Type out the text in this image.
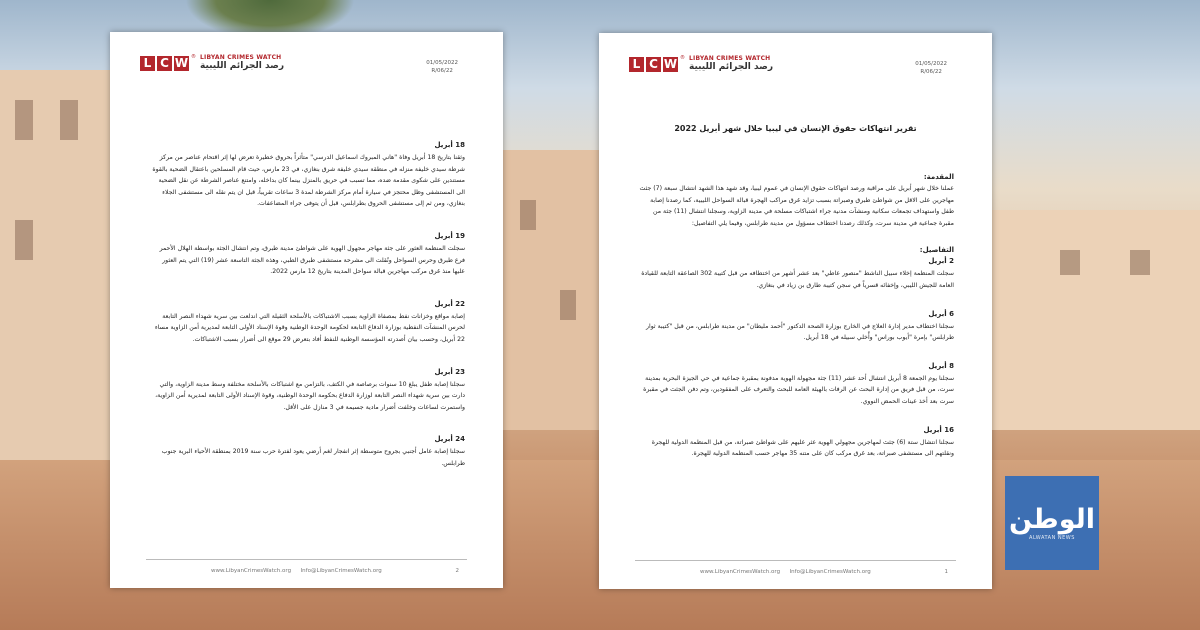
L C W ® LIBYAN CRIMES WATCH
رصد الجرائم الليبية	01/05/2022
R/06/22

18 أبريل

وثقنا بتاريخ 18 أبريل وفاة "هاني المبروك اسماعيل الدرسي" متأثراً بحروق خطيرة تعرض لها إثر اقتحام عناصر من مركز شرطة سيدي خليفة منزله في منطقة سيدي خليفة شرق بنغازي، في 23 مارس، حيث قام المسلحين باعتقال الضحية بالقوة مستندين على شكوى مقدمة ضده، مما تسبب في حريق بالمنزل بينما كان بداخله، وامتنع عناصر الشرطة عن نقل الضحية الى المستشفى وظل محتجز في سيارة أمام مركز الشرطة لمدة 3 ساعات تقريباً، قبل ان يتم نقله الى مستشفى الجلاء بنغازي، ومن ثم إلى مستشفى الحروق بطرابلس، قبل أن يتوفى جراء المضاعفات.

19 أبريل

سجلت المنظمة العثور على جثة مهاجر مجهول الهوية على شواطئ مدينة طبرق، وتم انتشال الجثة بواسطة الهلال الأحمر فرع طبرق وحرس السواحل ونُقلت الى مشرحة مستشفى طبرق الطبي، وهذه الجثة التاسعة عشر (19) التي يتم العثور عليها منذ غرق مركب مهاجرين قبالة سواحل المدينة بتاريخ 12 مارس 2022.

22 أبريل

إصابة مواقع وخزانات نفط بمصفاة الزاوية بسبب الاشتباكات بالأسلحة الثقيلة التي اندلعت بين سرية شهداء النصر التابعة لحرس المنشآت النفطية بوزارة الدفاع التابعة لحكومة الوحدة الوطنية وقوة الإسناد الأولى التابعة لمديرية أمن الزاوية مساء 22 أبريل، وحسب بيان أصدرته المؤسسة الوطنية للنفط أفاد بتعرض 29 موقع الى أضرار بسبب الاشتباكات.

23 أبريل

سجلنا إصابة طفل يبلغ 10 سنوات برصاصة في الكتف، بالتزامن مع اشتباكات بالأسلحة مختلفة وسط مدينة الزاوية، والتي دارت بين سرية شهداء النصر التابعة لوزارة الدفاع بحكومة الوحدة الوطنية، وقوة الإسناد الأولى التابعة لمديرية أمن الزاوية، واستمرت لساعات وخلفت أضرار مادية جسيمة في 3 منازل على الأقل.

24 أبريل

سجلنا إصابة عامل أجنبي بجروح متوسطة إثر انفجار لغم أرضي يعود لفترة حرب سنة 2019 بمنطقة الأحياء البرية جنوب طرابلس.

www.LibyanCrimesWatch.org Info@LibyanCrimesWatch.org	2
L C W ® LIBYAN CRIMES WATCH
رصد الجرائم الليبية	01/05/2022
R/06/22

تقرير انتهاكات حقوق الإنسان في ليبيا خلال شهر أبريل 2022

المقدمة:

عملنا خلال شهر أبريل على مراقبة ورصد انتهاكات حقوق الإنسان في عموم ليبيا، وقد شهد هذا الشهد انتشال سبعة (7) جثث مهاجرين على الاقل من شواطئ طبرق وصبراتة بسبب تزايد غرق مراكب الهجرة قبالة السواحل الليبية، كما رصدنا إصابة طفل واستهداف تجمعات سكانية ومنشآت مدنية جراء اشتباكات مسلحة في مدينة الزاوية، وسجلنا انتشال (11) جثة من مقبرة جماعية في مدينة سرت، وكذلك رصدنا اختطاف مسؤول من مدينة طرابلس، وفيما يلي التفاصيل:

التفاصيل:

2 أبريل

سجلت المنظمة إخلاء سبيل الناشط "منصور عاطي" بعد عشر أشهر من اختطافه من قبل كتيبة 302 الصاعقة التابعة للقيادة العامة للجيش الليبي، وإخفائه قسرياً في سجن كتيبة طارق بن زياد في بنغازي.

6 أبريل

سجلنا اختطاف مدير إدارة العلاج في الخارج بوزارة الصحة الدكتور "أحمد مليطان" من مدينة طرابلس، من قبل "كتيبة ثوار طرابلس" بإمرة "أيوب بوراس" وأُخلي سبيله في 18 أبريل.

8 أبريل

سجلنا يوم الجمعة 8 أبريل انتشال أحد عشر (11) جثة مجهولة الهوية مدفونة بمقبرة جماعية في حي الجيزة البحرية بمدينة سرت، من قبل فريق من إدارة البحث عن الرفات بالهيئة العامة للبحث والتعرف على المفقودين، وتم دفن الجثث في مقبرة سرت بعد أخذ عينات الحمض النووي.

16 أبريل

سجلنا انتشال ستة (6) جثث لمهاجرين مجهولي الهوية عثر عليهم على شواطئ صبراتة، من قبل المنظمة الدولية للهجرة ونقلتهم الى مستشفى صبراتة، بعد غرق مركب كان على متنه 35 مهاجر حسب المنظمة الدولية للهجرة.

www.LibyanCrimesWatch.org Info@LibyanCrimesWatch.org	1
الوطن
ALWATAN NEWS
